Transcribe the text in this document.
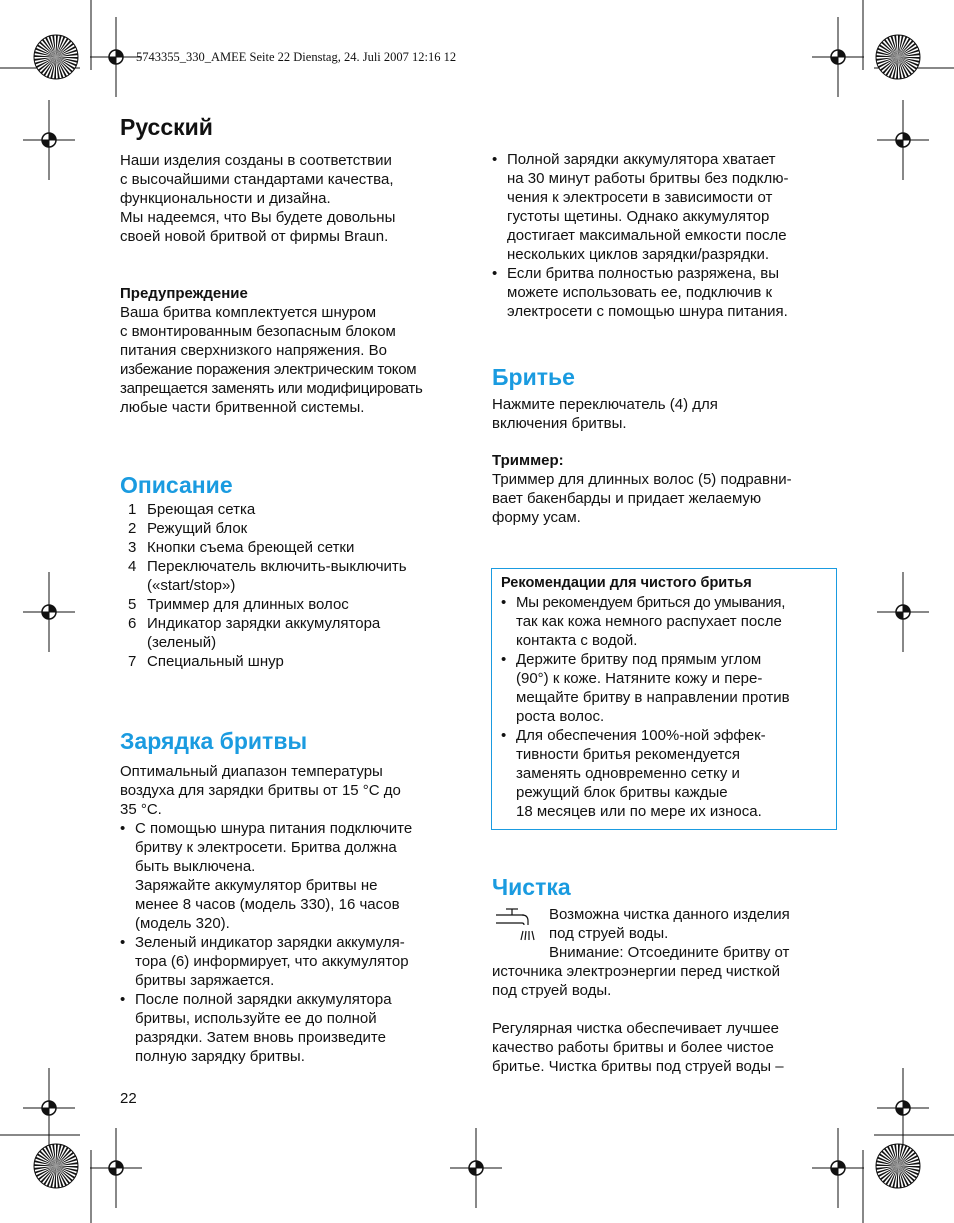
5743355_330_AMEE Seite 22 Dienstag, 24. Juli 2007 12:16 12
Русский

Наши изделия созданы в соответствии

с высочайшими стандартами качества,

функциональности и дизайна.

Мы надеемся, что Вы будете довольны

своей новой бритвой от фирмы Braun.

Предупреждение

Ваша бритва комплектуется шнуром

с вмонтированным безопасным блоком

питания сверхнизкого напряжения. Во

избежание поражения электрическим током

запрещается заменять или модифицировать

любые части бритвенной системы.

Описание
1 Бреющая сетка
2 Режущий блок
3 Кнопки съема бреющей сетки
4 Переключатель включить-выключить
(«start/stop»)
5 Триммер для длинных волос
6 Индикатор зарядки аккумулятора
(зеленый)
7 Специальный шнур
Зарядка бритвы

Оптимальный диапазон температуры

воздуха для зарядки бритвы от 15 °C до

35 °C.

• С помощью шнура питания подключите
бритву к электросети. Бритва должна
быть выключена.
Заряжайте аккумулятор бритвы не
менее 8 часов (модель 330), 16 часов
(модель 320).
• Зеленый индикатор зарядки аккумуля-
тора (6) информирует, что аккумулятор
бритвы заряжается.
• После полной зарядки аккумулятора
бритвы, используйте ее до полной
разрядки. Затем вновь произведите
полную зарядку бритвы.
22
• Полной зарядки аккумулятора хватает
на 30 минут работы бритвы без подклю-
чения к электросети в зависимости от
густоты щетины. Однако аккумулятор
достигает максимальной емкости после
нескольких циклов зарядки/разрядки.
• Если бритва полностью разряжена, вы
можете использовать ее, подключив к
электросети с помощью шнура питания.
Бритье

Нажмите переключатель (4) для

включения бритвы.

Триммер:

Триммер для длинных волос (5) подравни-

вает бакенбарды и придает желаемую

форму усам.

Рекомендации для чистого бритья

• Мы рекомендуем бриться до умывания,
так как кожа немного распухает после
контакта с водой.
• Держите бритву под прямым углом
(90°) к коже. Натяните кожу и пере-
мещайте бритву в направлении против
роста волос.
• Для обеспечения 100%-ной эффек-
тивности бритья рекомендуется
заменять одновременно сетку и
режущий блок бритвы каждые
18 месяцев или по мере их износа.
Чистка

Возможна чистка данного изделия

под струей воды.

Внимание: Отсоедините бритву от

источника электроэнергии перед чисткой

под струей воды.

Регулярная чистка обеспечивает лучшее

качество работы бритвы и более чистое

бритье. Чистка бритвы под струей воды –
